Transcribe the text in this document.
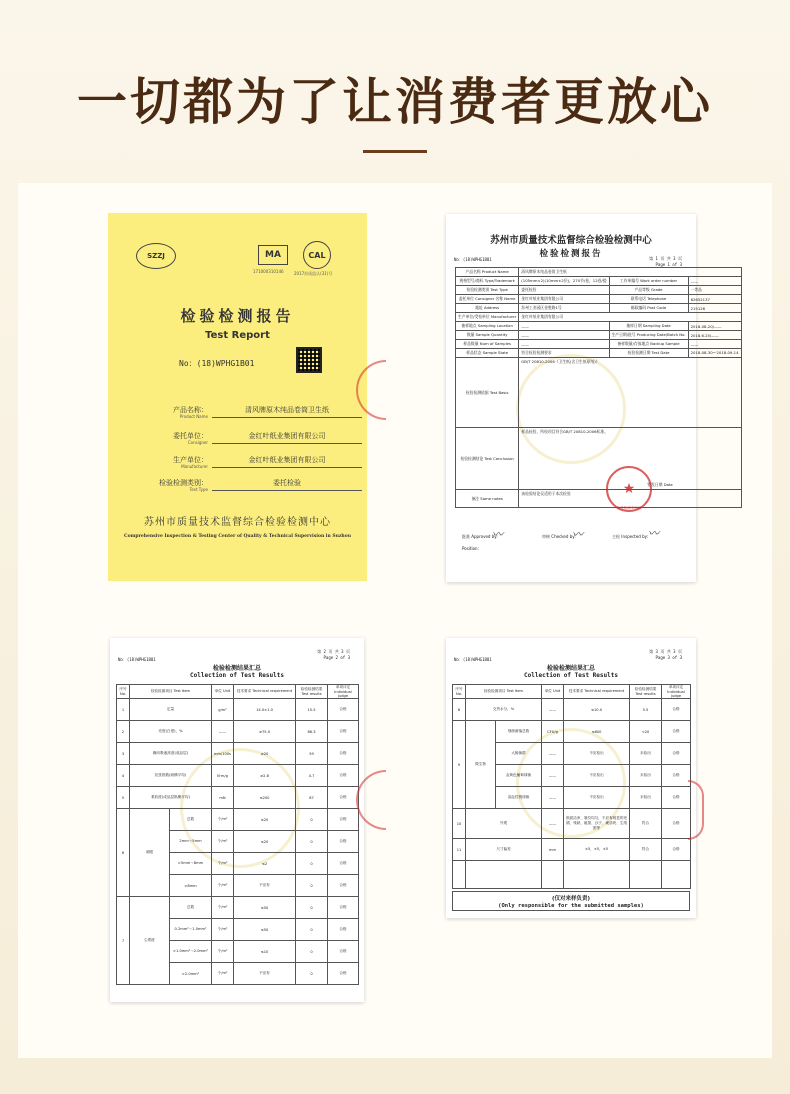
一切都为了让消费者更放心
SZZJ	MA	CAL
171000310146	2017苏质监认(31)号
检验检测报告
Test Report
No：(18)WPHG1B01
产品名称：
Product Name
清风牌原木纯品卷筒卫生纸
委托单位：
Consigner
金红叶纸业集团有限公司
生产单位：
Manufacturer
金红叶纸业集团有限公司
检验检测类别：
Test Type
委托检验
苏州市质量技术监督综合检验检测中心
Comprehensive Inspection & Testing Center of Quality & Technical Supervision in Suzhou
苏州市质量技术监督综合检验检测中心
检验检测报告
No：(18)WPHG1B01	第 1 页 共 3 页
Page 1 of 3
产品名称 Product Name	清风牌原木纯品卷筒卫生纸		
规格型号/商标 Type/Trademark	(105mm±2)(10mm±2层)，270节/卷，12卷/提	工作单编号 Work order number	——
检验检测类别 Test Type	委托检验	产品等级 Grade	一等品
委托单位 Consigner 名称 Name	金红叶纸业集团有限公司	联系电话 Telephone	62652137
地址 Address	苏州工业园区金胜路1号	邮政编码 Post Code	215126
生产单位/受检单位 Manufacturer	金红叶纸业集团有限公司		
抽样地点 Sampling Location	——	抽样日期 Sampling Date	2018-08-20/——
数量 Sample Quantity	——	生产日期/批号 Producing Date/Batch No.	2018.6.25/——
样品数量 Num of Samples	——	备样数量/存放地点 Backup Sample	——
样品状态 Sample State	符合检验检测要求	检验检测日期 Test Date	2018-08-30～2018-09-14
检验检测依据 Test Basis	GB/T 20810-2006《卫生纸(含卫生纸原纸)》		
检验检测结论 Test Conclusion	样品检验，所检项目符合GB/T 20810-2006标准。
签发日期 Date		

备注 Some notes	该检验结论仅适用于本次检验			★
检验检测专用章
批准 Approved by:
〰	审核 Checked by:
〰	主检 Inspected by: 〰
Position:
No：(18)WPHG1B01
第 2 页 共 3 页
Page 2 of 3
检验检测结果汇总
Collection of Test Results
序号 No.	检验检测项目 Test Item		单位 Unit	技术要求 Technical requirement	检验检测结果 Test results	单项评定 Individual judge
1	定量		g/m²	14.0±1.0	15.5	合格
2	亮度(白度)，%		——	≥75.0	86.3	合格
3	横向吸液高度(成品层)		mm/100s	≥20	59	合格
4	抗张指数(纵横平均)		N·m/g	≥2.8	4.7	合格
5	柔软度(成品层纵横平均)		mN	≤200	87	合格
6	洞眼	总数	个/m²	≤20	0	合格
		2mm～5mm	个/m²	≤20	0	合格
		>5mm～8mm	个/m²	≤2	0	合格
		>8mm	个/m²	不应有	0	合格
7	尘埃度	总数	个/m²	≤50	0	合格
		0.2mm²～1.0mm²	个/m²	≤50	0	合格
		>1.0mm²～2.0mm²	个/m²	≤10	0	合格
		>2.0mm²	个/m²	不应有	0	合格
No：(18)WPHG1B01
第 3 页 共 3 页
Page 3 of 3
检验检测结果汇总
Collection of Test Results
序号 No.	检验检测项目 Test Item		单位 Unit	技术要求 Technical requirement	检验检测结果 Test results	单项评定 Individual judge
8	交货水分，%		——	≤10.0	5.5	合格
9	微生物	细菌菌落总数	CFU/g	≤600	<20	合格
		大肠菌群	——	不应检出	未检出	合格
		金黄色葡萄球菌	——	不应检出	未检出	合格
		溶血性链球菌	——	不应检出	未检出	合格
10	外观		——	纸面洁净，皱纹均匀，不应有明显的死褶、残缺、破损、沙子、硬质块、生纸团等	符合	合格
11	尺寸偏差		mm	±5，±5，±5	符合	合格

(仅对来样负责)
(Only responsible for the submitted samples)
